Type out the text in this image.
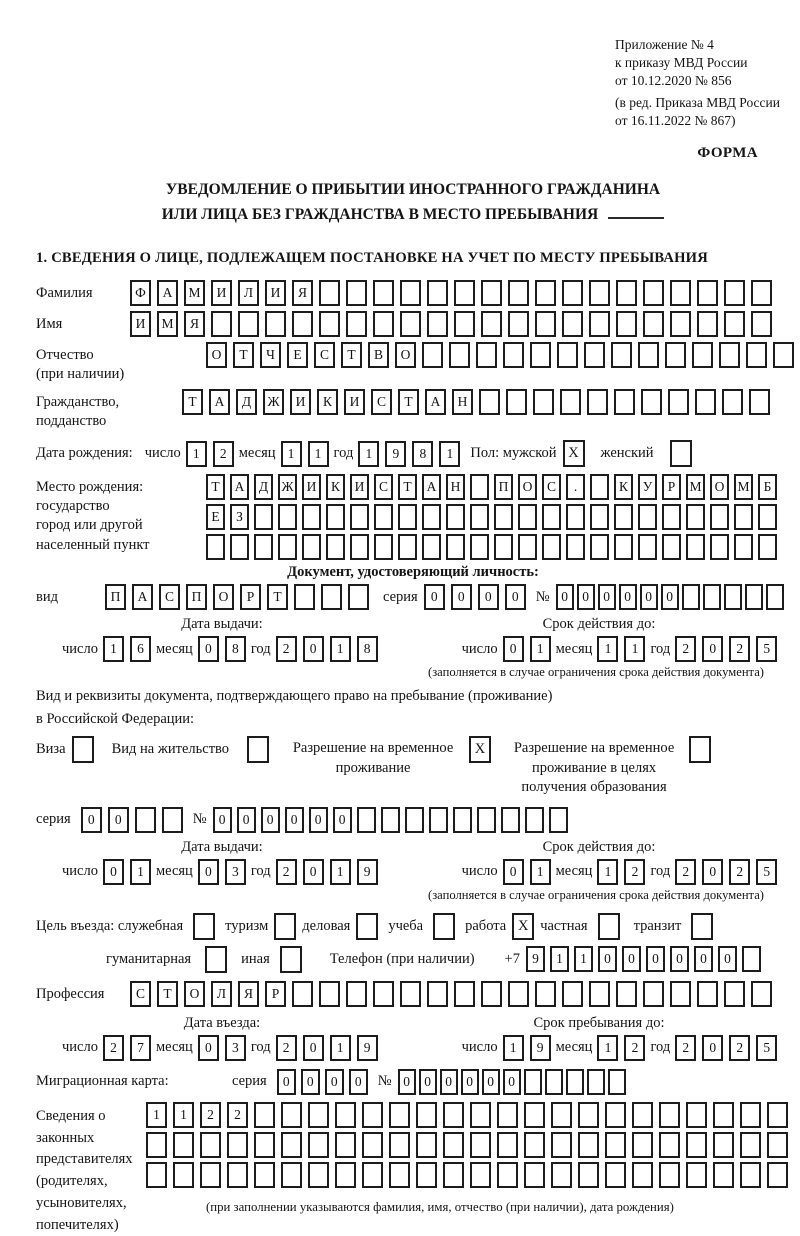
Приложение № 4
к приказу МВД России
от 10.12.2020 № 856
(в ред. Приказа МВД России
от 16.11.2022 № 867)
ФОРМА
УВЕДОМЛЕНИЕ О ПРИБЫТИИ ИНОСТРАННОГО ГРАЖДАНИНА
ИЛИ ЛИЦА БЕЗ ГРАЖДАНСТВА В МЕСТО ПРЕБЫВАНИЯ
1. СВЕДЕНИЯ О ЛИЦЕ, ПОДЛЕЖАЩЕМ ПОСТАНОВКЕ НА УЧЕТ ПО МЕСТУ ПРЕБЫВАНИЯ
Фамилия	Ф	А	М	И	Л	И	Я
Имя	И	М	Я
Отчество
(при наличии)
О	Т	Ч	Е	С	Т	В	О
Гражданство,
подданство
Т	А	Д	Ж	И	К	И	С	Т	А	Н
Дата рождения: число 1	2 месяц 1	1 год 1	9	8	1	Пол: мужской X	женский
Место рождения:
государство
город или другой
населенный пункт
Т	А	Д Ж И	К	И	С	Т	А	Н	П	О	С	.	К	У	Р	М О М	Б
Е	З
Документ, удостоверяющий личность:
вид	П	А	С	П	О	Р	Т	серия 0	0	0	0	№ 0	0	0	0	0	0
Дата выдачи:	Срок действия до:
число 1	6 месяц 0	8 год 2	0	1	8	число 0	1 месяц 1	1 год 2	0	2	5
(заполняется в случае ограничения срока действия документа)
Вид и реквизиты документа, подтверждающего право на пребывание (проживание)
в Российской Федерации:
Виза	Вид на жительство	Разрешение на временное проживание
X	Разрешение на временное проживание в целях получения образования
серия	0	0	№ 0	0	0	0	0	0
Дата выдачи:	Срок действия до:
число 0	1 месяц 0	3 год 2	0	1	9	число 0	1 месяц 1	2 год 2	0	2	5
(заполняется в случае ограничения срока действия документа)
Цель въезда: служебная	туризм деловая	учеба	работа X частная	транзит
гуманитарная	иная	Телефон (при наличии) +7 9	1	1	0	0	0	0	0	0
Профессия	С	Т	О	Л	Я	Р
Дата въезда:	Срок пребывания до:
число 2	7 месяц 0	3 год 2	0	1	9	число 1	9 месяц 1	2 год 2	0	2	5
Миграционная карта:	серия	0	0	0	0	№ 0	0	0	0	0	0
Сведения о
законных
представителях
(родителях,
усыновителях,
попечителях)
1	1	2	2
(при заполнении указываются фамилия, имя, отчество (при наличии), дата рождения)
